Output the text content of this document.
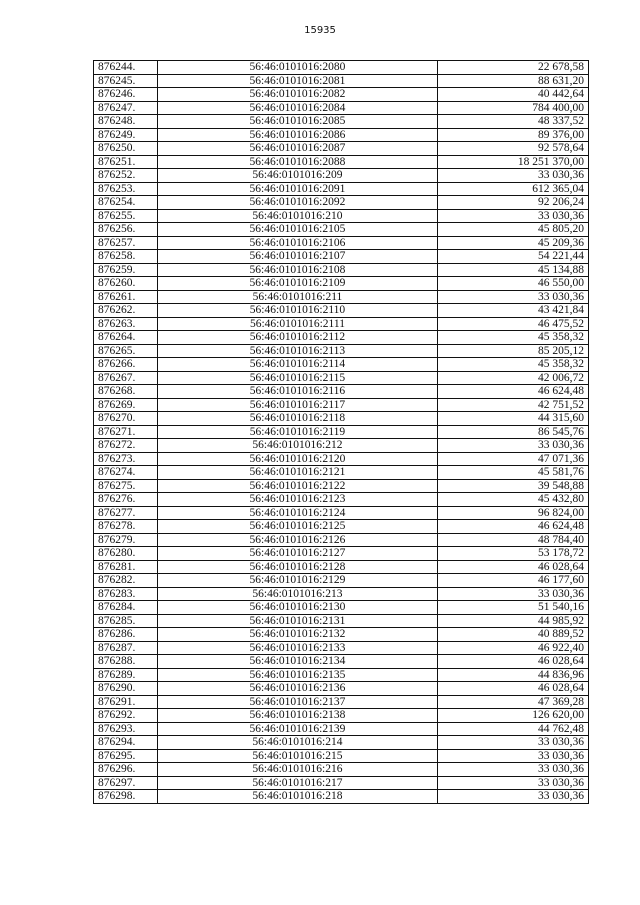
15935
876244.	56:46:0101016:2080	22 678,58
876245.	56:46:0101016:2081	88 631,20
876246.	56:46:0101016:2082	40 442,64
876247.	56:46:0101016:2084	784 400,00
876248.	56:46:0101016:2085	48 337,52
876249.	56:46:0101016:2086	89 376,00
876250.	56:46:0101016:2087	92 578,64
876251.	56:46:0101016:2088	18 251 370,00
876252.	56:46:0101016:209	33 030,36
876253.	56:46:0101016:2091	612 365,04
876254.	56:46:0101016:2092	92 206,24
876255.	56:46:0101016:210	33 030,36
876256.	56:46:0101016:2105	45 805,20
876257.	56:46:0101016:2106	45 209,36
876258.	56:46:0101016:2107	54 221,44
876259.	56:46:0101016:2108	45 134,88
876260.	56:46:0101016:2109	46 550,00
876261.	56:46:0101016:211	33 030,36
876262.	56:46:0101016:2110	43 421,84
876263.	56:46:0101016:2111	46 475,52
876264.	56:46:0101016:2112	45 358,32
876265.	56:46:0101016:2113	85 205,12
876266.	56:46:0101016:2114	45 358,32
876267.	56:46:0101016:2115	42 006,72
876268.	56:46:0101016:2116	46 624,48
876269.	56:46:0101016:2117	42 751,52
876270.	56:46:0101016:2118	44 315,60
876271.	56:46:0101016:2119	86 545,76
876272.	56:46:0101016:212	33 030,36
876273.	56:46:0101016:2120	47 071,36
876274.	56:46:0101016:2121	45 581,76
876275.	56:46:0101016:2122	39 548,88
876276.	56:46:0101016:2123	45 432,80
876277.	56:46:0101016:2124	96 824,00
876278.	56:46:0101016:2125	46 624,48
876279.	56:46:0101016:2126	48 784,40
876280.	56:46:0101016:2127	53 178,72
876281.	56:46:0101016:2128	46 028,64
876282.	56:46:0101016:2129	46 177,60
876283.	56:46:0101016:213	33 030,36
876284.	56:46:0101016:2130	51 540,16
876285.	56:46:0101016:2131	44 985,92
876286.	56:46:0101016:2132	40 889,52
876287.	56:46:0101016:2133	46 922,40
876288.	56:46:0101016:2134	46 028,64
876289.	56:46:0101016:2135	44 836,96
876290.	56:46:0101016:2136	46 028,64
876291.	56:46:0101016:2137	47 369,28
876292.	56:46:0101016:2138	126 620,00
876293.	56:46:0101016:2139	44 762,48
876294.	56:46:0101016:214	33 030,36
876295.	56:46:0101016:215	33 030,36
876296.	56:46:0101016:216	33 030,36
876297.	56:46:0101016:217	33 030,36
876298.	56:46:0101016:218	33 030,36
